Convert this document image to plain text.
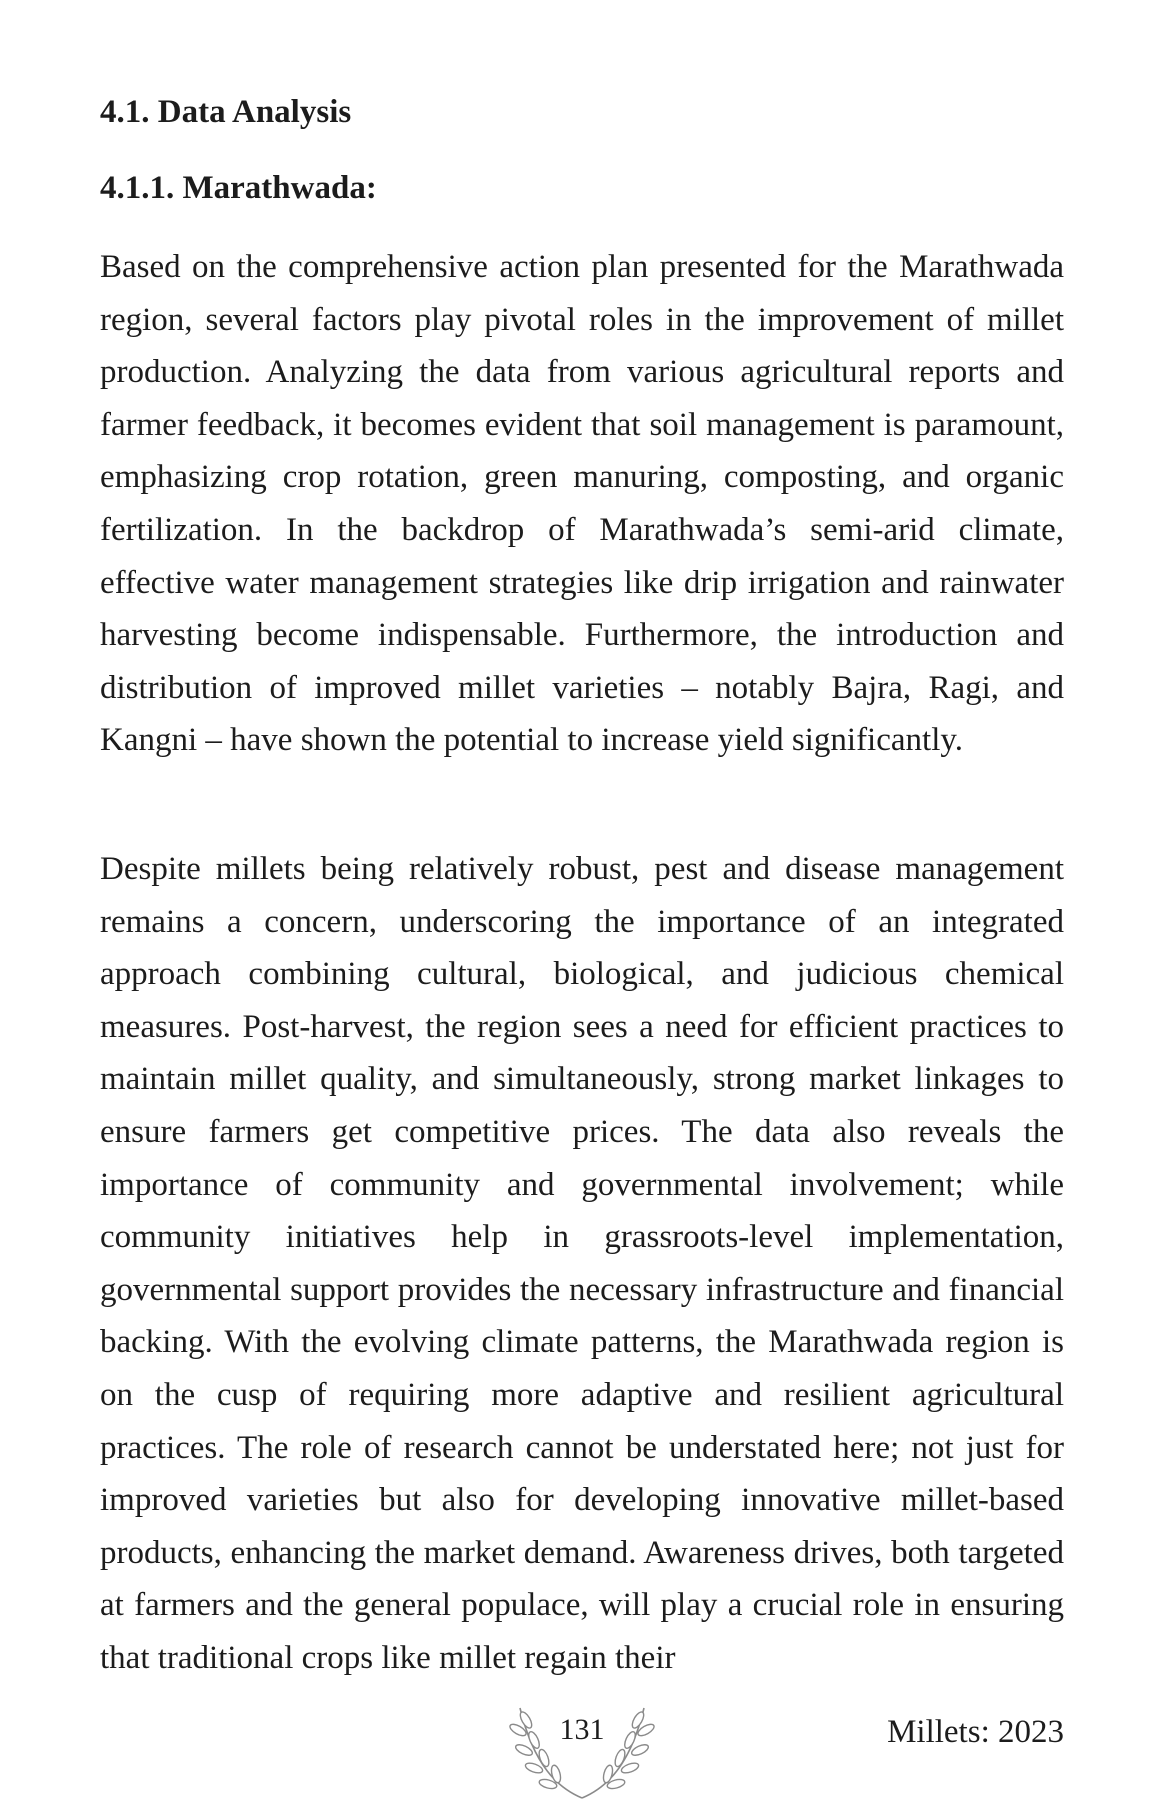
4.1. Data Analysis
4.1.1. Marathwada:

Based on the comprehensive action plan presented for the Marathwada region, several factors play pivotal roles in the improvement of millet production. Analyzing the data from various agricultural reports and farmer feedback, it becomes evident that soil management is paramount, emphasizing crop rotation, green manuring, composting, and organic fertilization. In the backdrop of Marathwada’s semi-arid climate, effective water management strategies like drip irrigation and rainwater harvesting become indispensable. Furthermore, the introduction and distribution of improved millet varieties – notably Bajra, Ragi, and Kangni – have shown the potential to increase yield significantly.

Despite millets being relatively robust, pest and disease management remains a concern, underscoring the importance of an integrated approach combining cultural, biological, and judicious chemical measures. Post-harvest, the region sees a need for efficient practices to maintain millet quality, and simultaneously, strong market linkages to ensure farmers get competitive prices. The data also reveals the importance of community and governmental involvement; while community initiatives help in grassroots-level implementation, governmental support provides the necessary infrastructure and financial backing. With the evolving climate patterns, the Marathwada region is on the cusp of requiring more adaptive and resilient agricultural practices. The role of research cannot be understated here; not just for improved varieties but also for developing innovative millet-based products, enhancing the market demand. Awareness drives, both targeted at farmers and the general populace, will play a crucial role in ensuring that traditional crops like millet regain their

131	Millets: 2023
